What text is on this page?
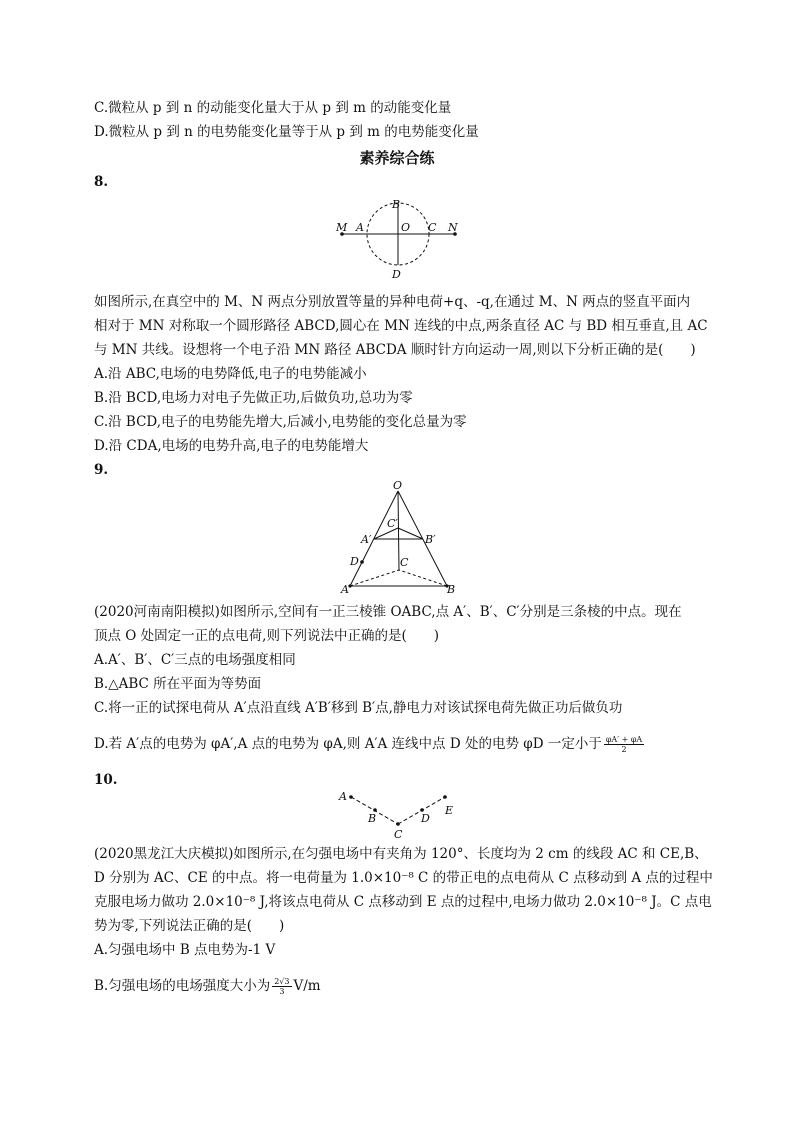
C.微粒从 p 到 n 的动能变化量大于从 p 到 m 的动能变化量
D.微粒从 p 到 n 的电势能变化量等于从 p 到 m 的电势能变化量
素养综合练
8.
M A	O C N
B
D
如图所示,在真空中的 M、N 两点分别放置等量的异种电荷+q、-q,在通过 M、N 两点的竖直平面内
相对于 MN 对称取一个圆形路径 ABCD,圆心在 MN 连线的中点,两条直径 AC 与 BD 相互垂直,且 AC
与 MN 共线。设想将一个电子沿 MN 路径 ABCDA 顺时针方向运动一周,则以下分析正确的是(　　)
A.沿 ABC,电场的电势降低,电子的电势能减小
B.沿 BCD,电场力对电子先做正功,后做负功,总功为零
C.沿 BCD,电子的电势能先增大,后减小,电势能的变化总量为零
D.沿 CDA,电场的电势升高,电子的电势能增大
9.
O
C′
A′	B′
D	C
A	B
(2020河南南阳模拟)如图所示,空间有一正三棱锥 OABC,点 A′、B′、C′分别是三条棱的中点。现在
顶点 O 处固定一正的点电荷,则下列说法中正确的是(　　)
A.A′、B′、C′三点的电场强度相同
B.△ABC 所在平面为等势面
C.将一正的试探电荷从 A′点沿直线 A′B′移到 B′点,静电力对该试探电荷先做正功后做负功
D.若 A′点的电势为 φA′,A 点的电势为 φA,则 A′A 连线中点 D 处的电势 φD 一定小于 $\frac{\varphi A' + \varphi A}{2}$
10.
A
B
C
D
E
(2020黑龙江大庆模拟)如图所示,在匀强电场中有夹角为 120°、长度均为 2 cm 的线段 AC 和 CE,B、
D 分别为 AC、CE 的中点。将一电荷量为 1.0×10⁻⁸ C 的带正电的点电荷从 C 点移动到 A 点的过程中
克服电场力做功 2.0×10⁻⁸ J,将该点电荷从 C 点移动到 E 点的过程中,电场力做功 2.0×10⁻⁸ J。C 点电
势为零,下列说法正确的是(　　)
A.匀强电场中 B 点电势为-1 V
B.匀强电场的电场强度大小为 $\frac{2√3}{3} V/m$
